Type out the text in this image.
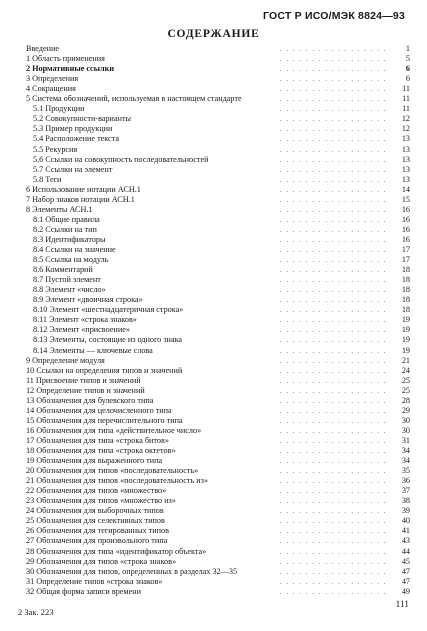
ГОСТ Р ИСО/МЭК 8824—93
СОДЕРЖАНИЕ
. . . . . . . . . . . . . . . . .
Введение	1
. . . . . . . . . . . . . . . . .
1 Область применения	5
. . . . . . . . . . . . . . . . .
2 Нормативные ссылки	6
. . . . . . . . . . . . . . . . .
3 Определения	6
. . . . . . . . . . . . . . . . .
4 Сокращения	11
. . . . . . . . . . . . . . . . .
5 Система обозначений, используемая в настоящем стандарте	11
. . . . . . . . . . . . . . . . .
5.1 Продукции	11
. . . . . . . . . . . . . . . . .
5.2 Совокупности-варианты	12
. . . . . . . . . . . . . . . . .
5.3 Пример продукции	12
. . . . . . . . . . . . . . . . .
5.4 Расположение текста	13
. . . . . . . . . . . . . . . . .
5.5 Рекурсия	13
. . . . . . . . . . . . . . . . .
5.6 Ссылки на совокупность последовательностей	13
. . . . . . . . . . . . . . . . .
5.7 Ссылки на элемент	13
. . . . . . . . . . . . . . . . .
5.8 Теги	13
. . . . . . . . . . . . . . . . .
6 Использование нотации АСН.1	14
. . . . . . . . . . . . . . . . .
7 Набор знаков нотации АСН.1	15
. . . . . . . . . . . . . . . . .
8 Элементы АСН.1	16
. . . . . . . . . . . . . . . . .
8.1 Общие правила	16
. . . . . . . . . . . . . . . . .
8.2 Ссылки на тип	16
. . . . . . . . . . . . . . . . .
8.3 Идентификаторы	16
. . . . . . . . . . . . . . . . .
8.4 Ссылки на значение	17
. . . . . . . . . . . . . . . . .
8.5 Ссылка на модуль	17
. . . . . . . . . . . . . . . . .
8.6 Комментарий	18
. . . . . . . . . . . . . . . . .
8.7 Пустой элемент	18
. . . . . . . . . . . . . . . . .
8.8 Элемент «число»	18
. . . . . . . . . . . . . . . . .
8.9 Элемент «двоичная строка»	18
. . . . . . . . . . . . . . . . .
8.10 Элемент «шестнадцатеричная строка»	18
. . . . . . . . . . . . . . . . .
8.11 Элемент «строка знаков»	19
. . . . . . . . . . . . . . . . .
8.12 Элемент «присвоение»	19
. . . . . . . . . . . . . . . . .
8.13 Элементы, состоящие из одного знака	19
. . . . . . . . . . . . . . . . .
8.14 Элементы — ключевые слова	19
. . . . . . . . . . . . . . . . .
9 Определение модуля	21
. . . . . . . . . . . . . . . . .
10 Ссылки на определения типов и значений	24
. . . . . . . . . . . . . . . . .
11 Присвоение типов и значений	25
. . . . . . . . . . . . . . . . .
12 Определение типов и значений	25
. . . . . . . . . . . . . . . . .
13 Обозначения для булевского типа	28
. . . . . . . . . . . . . . . . .
14 Обозначения для целочисленного типа	29
. . . . . . . . . . . . . . . . .
15 Обозначения для перечислительного типа	30
. . . . . . . . . . . . . . . . .
16 Обозначения для типа «действительное число»	30
. . . . . . . . . . . . . . . . .
17 Обозначения для типа «строка битов»	31
. . . . . . . . . . . . . . . . .
18 Обозначения для типа «строка октетов»	34
. . . . . . . . . . . . . . . . .
19 Обозначения для выраженного типа	34
. . . . . . . . . . . . . . . . .
20 Обозначения для типов «последовательность»	35
. . . . . . . . . . . . . . . . .
21 Обозначения для типов «последовательность из»	36
. . . . . . . . . . . . . . . . .
22 Обозначения для типов «множество»	37
. . . . . . . . . . . . . . . . .
23 Обозначения для типов «множество из»	38
. . . . . . . . . . . . . . . . .
24 Обозначения для выборочных типов	39
. . . . . . . . . . . . . . . . .
25 Обозначения для селективных типов	40
. . . . . . . . . . . . . . . . .
26 Обозначения для тегированных типов	41
. . . . . . . . . . . . . . . . .
27 Обозначения для произвольного типа	43
. . . . . . . . . . . . . . . . .
28 Обозначения для типа «идентификатор объекта»	44
. . . . . . . . . . . . . . . . .
29 Обозначения для типов «строка знаков»	45
. . . . . . . . . . . . . . . . .
30 Обозначения для типов, определенных в разделах 32—35	47
. . . . . . . . . . . . . . . . .
31 Определение типов «строка знаков»	47
. . . . . . . . . . . . . . . . .
32 Общая форма записи времени	49
111
2 Зак. 223
